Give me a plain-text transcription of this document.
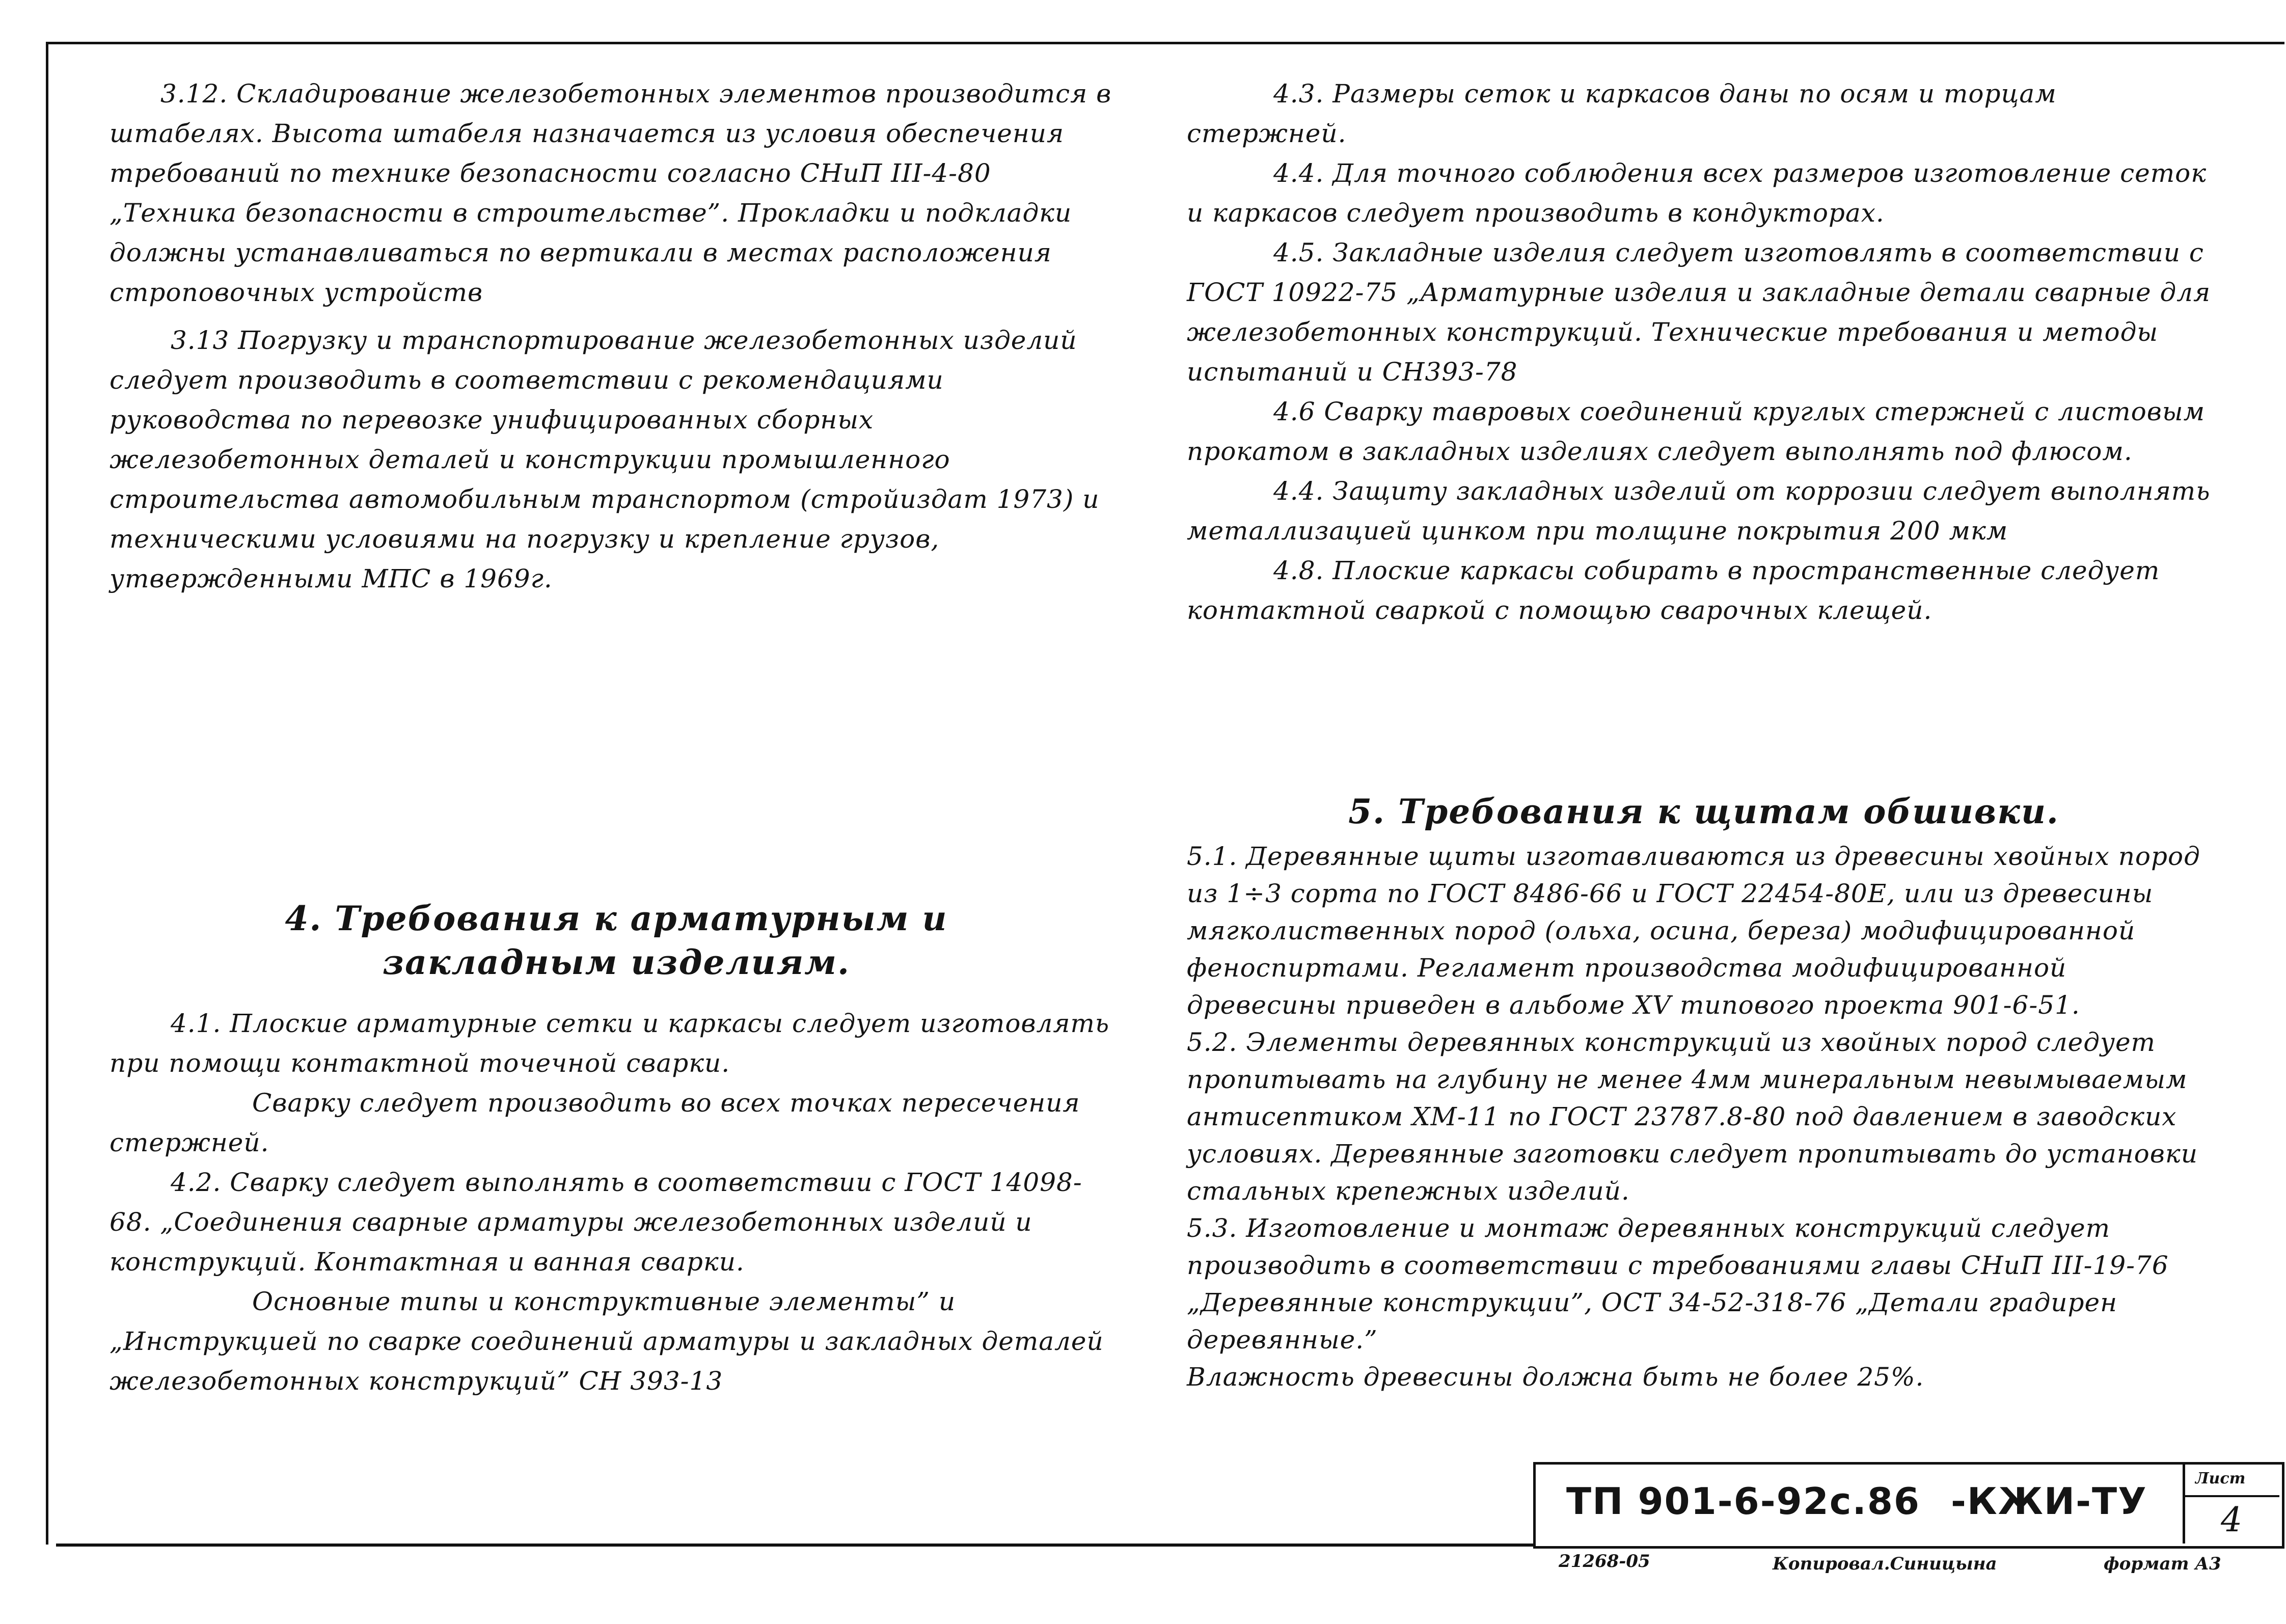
3.12. Складирование железобетонных элементов производится в штабелях. Высота штабеля назначается из условия обеспечения требований по технике безопасности согласно СНиП III-4-80 „Техника безопасности в строительстве”. Прокладки и подкладки должны устанавливаться по вертикали в местах расположения строповочных устройств

3.13 Погрузку и транспортирование железобетонных изделий следует производить в соответствии с рекомендациями руководства по перевозке унифицированных сборных железобетонных деталей и конструкции промышленного строительства автомобильным транспортом (стройиздат 1973) и техническими условиями на погрузку и крепление грузов, утвержденными МПС в 1969г.

4. Требования к арматурным и закладным изделиям.

4.1. Плоские арматурные сетки и каркасы следует изготовлять при помощи контактной точечной сварки.

Сварку следует производить во всех точках пересечения стержней.

4.2. Сварку следует выполнять в соответствии с ГОСТ 14098-68. „Соединения сварные арматуры железобетонных изделий и конструкций. Контактная и ванная сварки.

Основные типы и конструктивные элементы” и

„Инструкцией по сварке соединений арматуры и закладных деталей железобетонных конструкций” СН 393-13

4.3. Размеры сеток и каркасов даны по осям и торцам стержней.

4.4. Для точного соблюдения всех размеров изготовление сеток и каркасов следует производить в кондукторах.

4.5. Закладные изделия следует изготовлять в соответствии с ГОСТ 10922-75 „Арматурные изделия и закладные детали сварные для железобетонных конструкций. Технические требования и методы испытаний и СН393-78

4.6 Сварку тавровых соединений круглых стержней с листовым прокатом в закладных изделиях следует выполнять под флюсом.

4.4. Защиту закладных изделий от коррозии следует выполнять металлизацией цинком при толщине покрытия 200 мкм

4.8. Плоские каркасы собирать в пространственные следует контактной сваркой с помощью сварочных клещей.

5. Требования к щитам обшивки.

5.1. Деревянные щиты изготавливаются из древесины хвойных пород из 1÷3 сорта по ГОСТ 8486-66 и ГОСТ 22454-80Е, или из древесины мягколиственных пород (ольха, осина, береза) модифицированной феноспиртами. Регламент производства модифицированной древесины приведен в альбоме XV типового проекта 901-6-51.

5.2. Элементы деревянных конструкций из хвойных пород следует пропитывать на глубину не менее 4мм минеральным невымываемым антисептиком ХМ-11 по ГОСТ 23787.8-80 под давлением в заводских условиях. Деревянные заготовки следует пропитывать до установки стальных крепежных изделий.

5.3. Изготовление и монтаж деревянных конструкций следует производить в соответствии с требованиями главы СНиП III-19-76 „Деревянные конструкции”, ОСТ 34-52-318-76 „Детали градирен деревянные.”

Влажность древесины должна быть не более 25%.

ТП 901-6-92с.86 -КЖИ-ТУ
Лист
4
21268-05	Копировал.Синицына	формат А3
